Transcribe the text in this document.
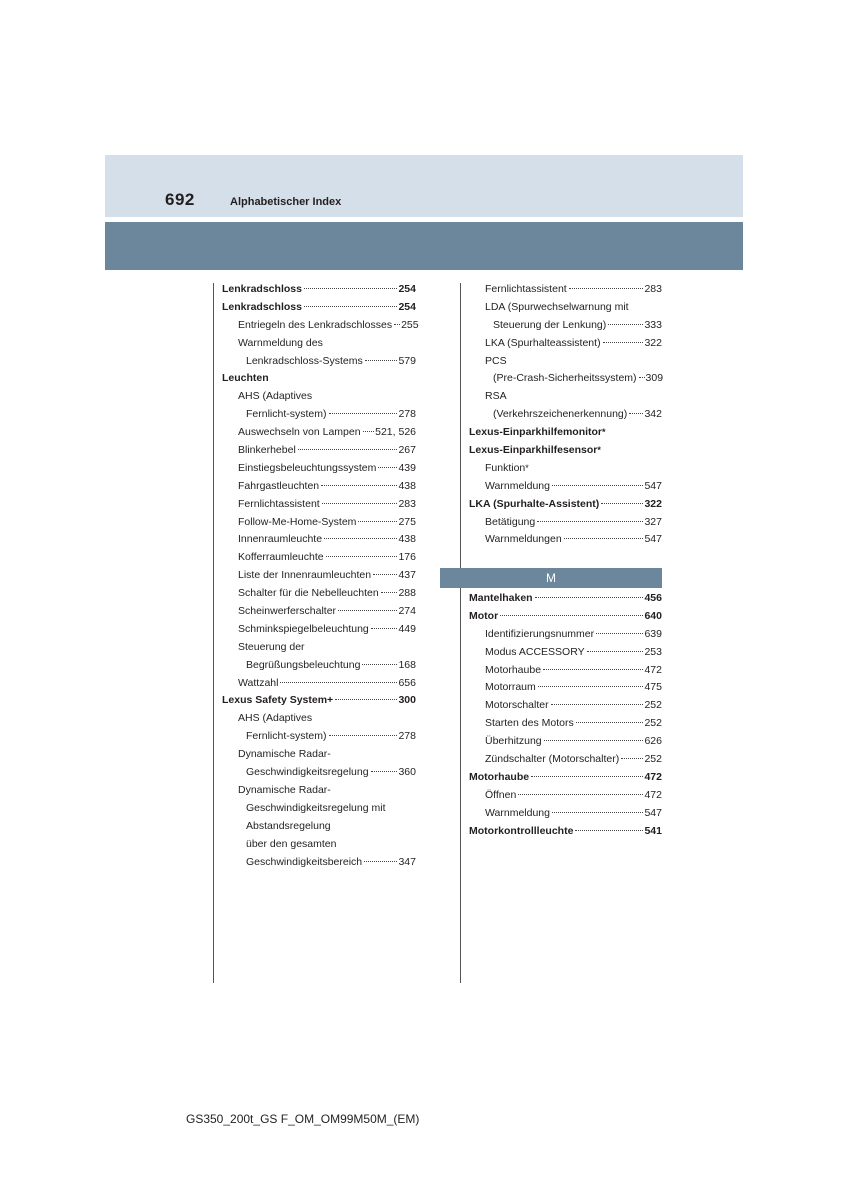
692	Alphabetischer Index
Lenkradschloss	254
Lenkradschloss	254
Entriegeln des Lenkradschlosses 255
Warnmeldung des
Lenkradschloss-Systems	579
Leuchten
AHS (Adaptives
Fernlicht-system)	278
Auswechseln von Lampen 521, 526
Blinkerhebel	267
Einstiegsbeleuchtungssystem 439
Fahrgastleuchten	438
Fernlichtassistent	283
Follow-Me-Home-System	275
Innenraumleuchte	438
Kofferraumleuchte	176
Liste der Innenraumleuchten	437
Schalter für die Nebelleuchten 288
Scheinwerferschalter	274
Schminkspiegelbeleuchtung	449
Steuerung der
Begrüßungsbeleuchtung	168
Wattzahl	656
Lexus Safety System+	300
AHS (Adaptives
Fernlicht-system)	278
Dynamische Radar-
Geschwindigkeitsregelung	360
Dynamische Radar-
Geschwindigkeitsregelung mit
Abstandsregelung
über den gesamten
Geschwindigkeitsbereich	347
Fernlichtassistent	283
LDA (Spurwechselwarnung mit
Steuerung der Lenkung)	333
LKA (Spurhalteassistent)	322
PCS
(Pre-Crash-Sicherheitssystem) 309
RSA
(Verkehrszeichenerkennung) 342
Lexus-Einparkhilfemonitor *
Lexus-Einparkhilfesensor *
Funktion *
Warnmeldung	547
LKA (Spurhalte-Assistent)	322
Betätigung	327
Warnmeldungen	547
M
Mantelhaken	456
Motor	640
Identifizierungsnummer	639
Modus ACCESSORY	253
Motorhaube	472
Motorraum	475
Motorschalter	252
Starten des Motors	252
Überhitzung	626
Zündschalter (Motorschalter) 252
Motorhaube	472
Öffnen	472
Warnmeldung	547
Motorkontrollleuchte	541
GS350_200t_GS F_OM_OM99M50M_(EM)
